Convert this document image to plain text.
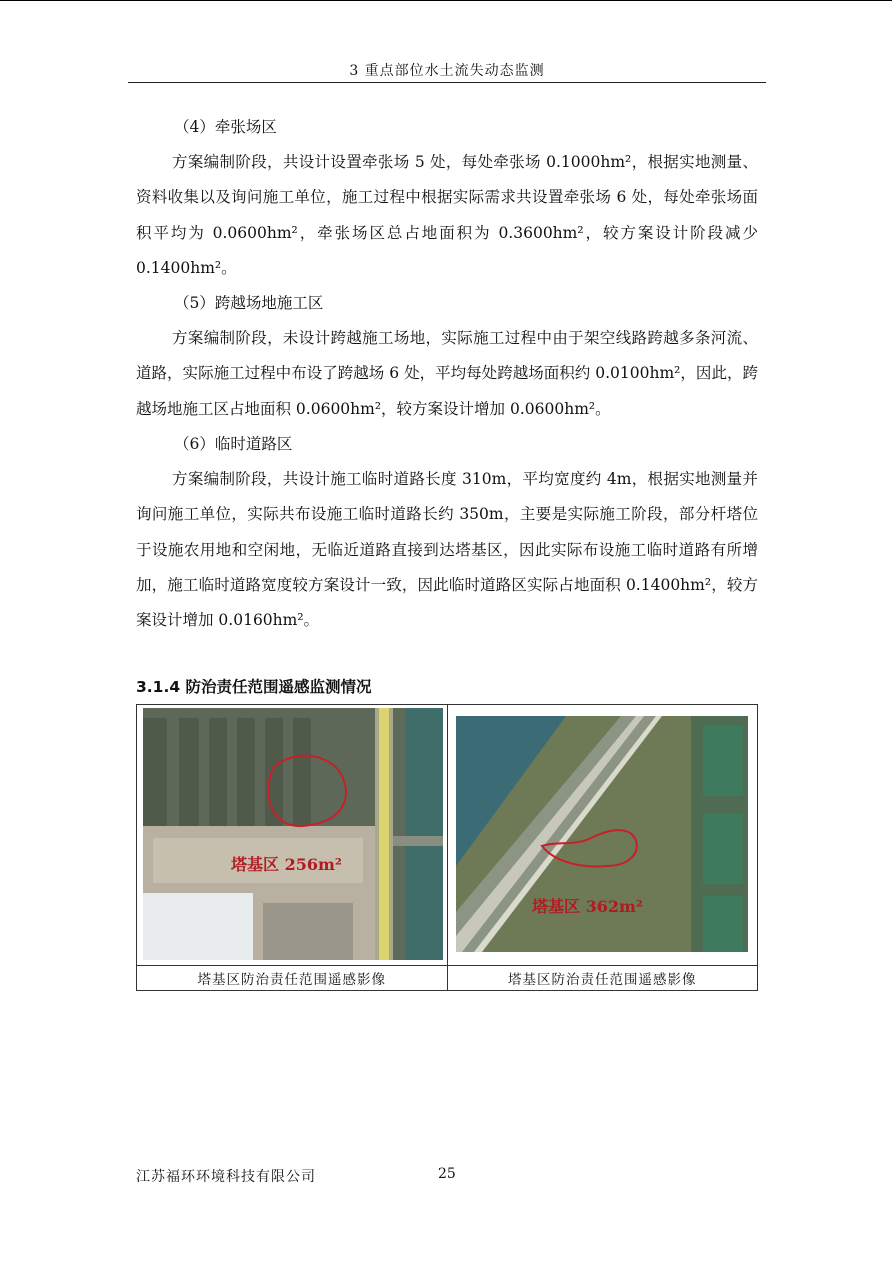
3 重点部位水土流失动态监测
（4）牵张场区

方案编制阶段，共设计设置牵张场 5 处，每处牵张场 0.1000hm²，根据实地测量、资料收集以及询问施工单位，施工过程中根据实际需求共设置牵张场 6 处，每处牵张场面积平均为 0.0600hm²，牵张场区总占地面积为 0.3600hm²，较方案设计阶段减少 0.1400hm²。

（5）跨越场地施工区

方案编制阶段，未设计跨越施工场地，实际施工过程中由于架空线路跨越多条河流、道路，实际施工过程中布设了跨越场 6 处，平均每处跨越场面积约 0.0100hm²，因此，跨越场地施工区占地面积 0.0600hm²，较方案设计增加 0.0600hm²。

（6）临时道路区

方案编制阶段，共设计施工临时道路长度 310m，平均宽度约 4m，根据实地测量并询问施工单位，实际共布设施工临时道路长约 350m，主要是实际施工阶段，部分杆塔位于设施农用地和空闲地，无临近道路直接到达塔基区，因此实际布设施工临时道路有所增加，施工临时道路宽度较方案设计一致，因此临时道路区实际占地面积 0.1400hm²，较方案设计增加 0.0160hm²。

3.1.4 防治责任范围遥感监测情况
塔基区 256m²	塔基区 362m²

塔基区防治责任范围遥感影像	塔基区防治责任范围遥感影像
江苏福环环境科技有限公司	25
